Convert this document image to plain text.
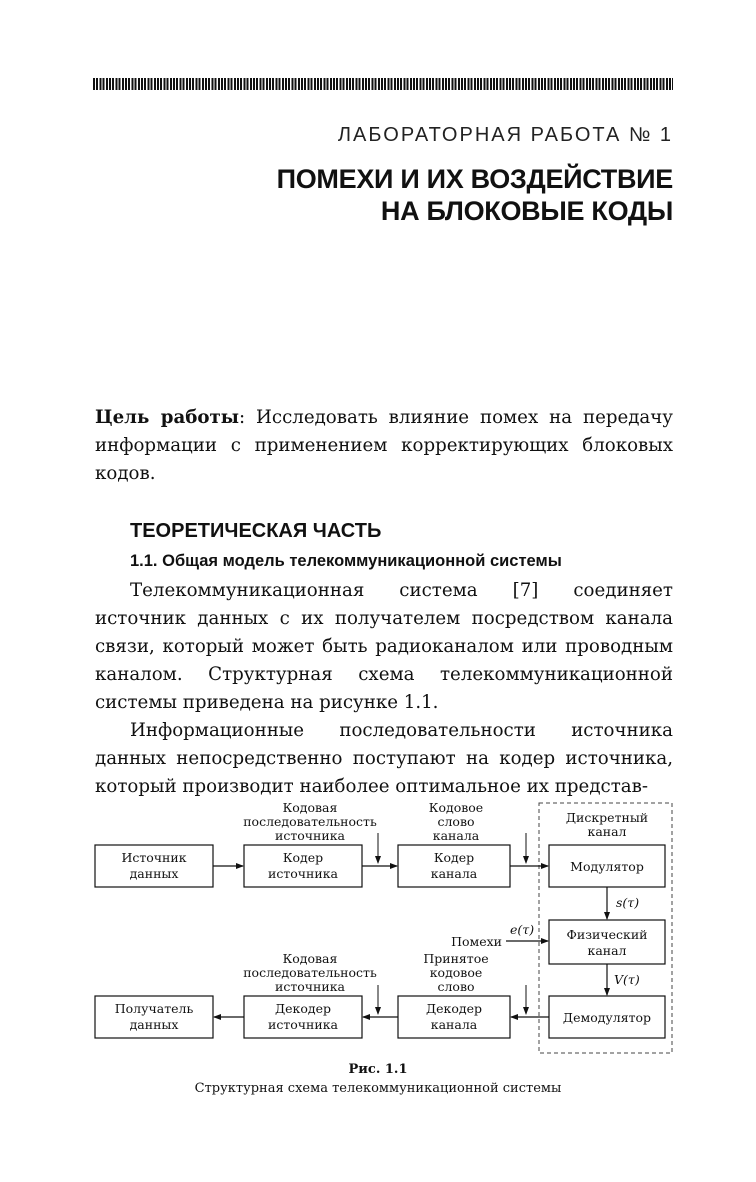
ЛАБОРАТОРНАЯ РАБОТА № 1
ПОМЕХИ И ИХ ВОЗДЕЙСТВИЕ
НА БЛОКОВЫЕ КОДЫ
Цель работы: Исследовать влияние помех на передачу информации с применением корректирующих блоковых кодов.
ТЕОРЕТИЧЕСКАЯ ЧАСТЬ
1.1. Общая модель телекоммуникационной системы

Телекоммуникационная система [7] соединяет источник данных с их получателем посредством канала связи, который может быть радиоканалом или проводным каналом. Структурная схема телекоммуникационной системы приведена на рисунке 1.1.

Информационные последовательности источника данных непосредственно поступают на кодер источника, который производит наиболее оптимальное их представ-

Источник
данных
Кодер
источника
Кодер
канала	Модулятор
Физический
канал
Получатель
данных
Декодер
источника
Декодер
канала	Демодулятор
Кодовая
последовательность
источника
Кодовое
слово
канала
Дискретный
канал
s(τ)
V(τ)
e(τ)
Помехи
Кодовая
последовательность
источника
Принятое
кодовое
слово
Рис. 1.1
Структурная схема телекоммуникационной системы
